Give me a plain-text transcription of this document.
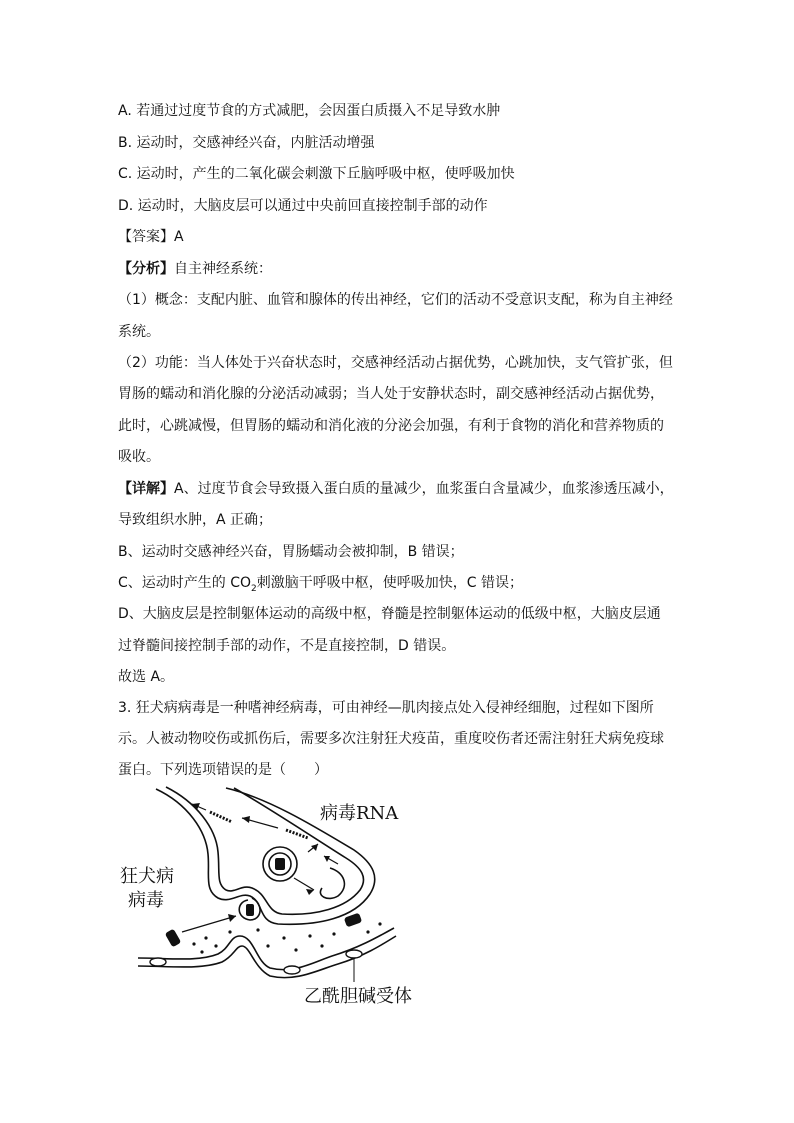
A. 若通过过度节食的方式减肥，会因蛋白质摄入不足导致水肿
B. 运动时，交感神经兴奋，内脏活动增强
C. 运动时，产生的二氧化碳会刺激下丘脑呼吸中枢，使呼吸加快
D. 运动时，大脑皮层可以通过中央前回直接控制手部的动作
【答案】A
【分析】自主神经系统：
（1）概念：支配内脏、血管和腺体的传出神经，它们的活动不受意识支配，称为自主神经
系统。
（2）功能：当人体处于兴奋状态时，交感神经活动占据优势，心跳加快，支气管扩张，但
胃肠的蠕动和消化腺的分泌活动减弱；当人处于安静状态时，副交感神经活动占据优势，
此时，心跳减慢，但胃肠的蠕动和消化液的分泌会加强，有利于食物的消化和营养物质的
吸收。
【详解】A、过度节食会导致摄入蛋白质的量减少，血浆蛋白含量减少，血浆渗透压减小，
导致组织水肿，A 正确；
B、运动时交感神经兴奋，胃肠蠕动会被抑制，B 错误；
C、运动时产生的 $CO_2$刺激脑干呼吸中枢，使呼吸加快，C 错误；
D、大脑皮层是控制躯体运动的高级中枢，脊髓是控制躯体运动的低级中枢，大脑皮层通
过脊髓间接控制手部的动作，不是直接控制，D 错误。
故选 A。
3. 狂犬病病毒是一种嗜神经病毒，可由神经—肌肉接点处入侵神经细胞，过程如下图所
示。人被动物咬伤或抓伤后，需要多次注射狂犬疫苗，重度咬伤者还需注射狂犬病免疫球
蛋白。下列选项错误的是（　　）
病毒RNA
狂犬病
病毒
乙酰胆碱受体
